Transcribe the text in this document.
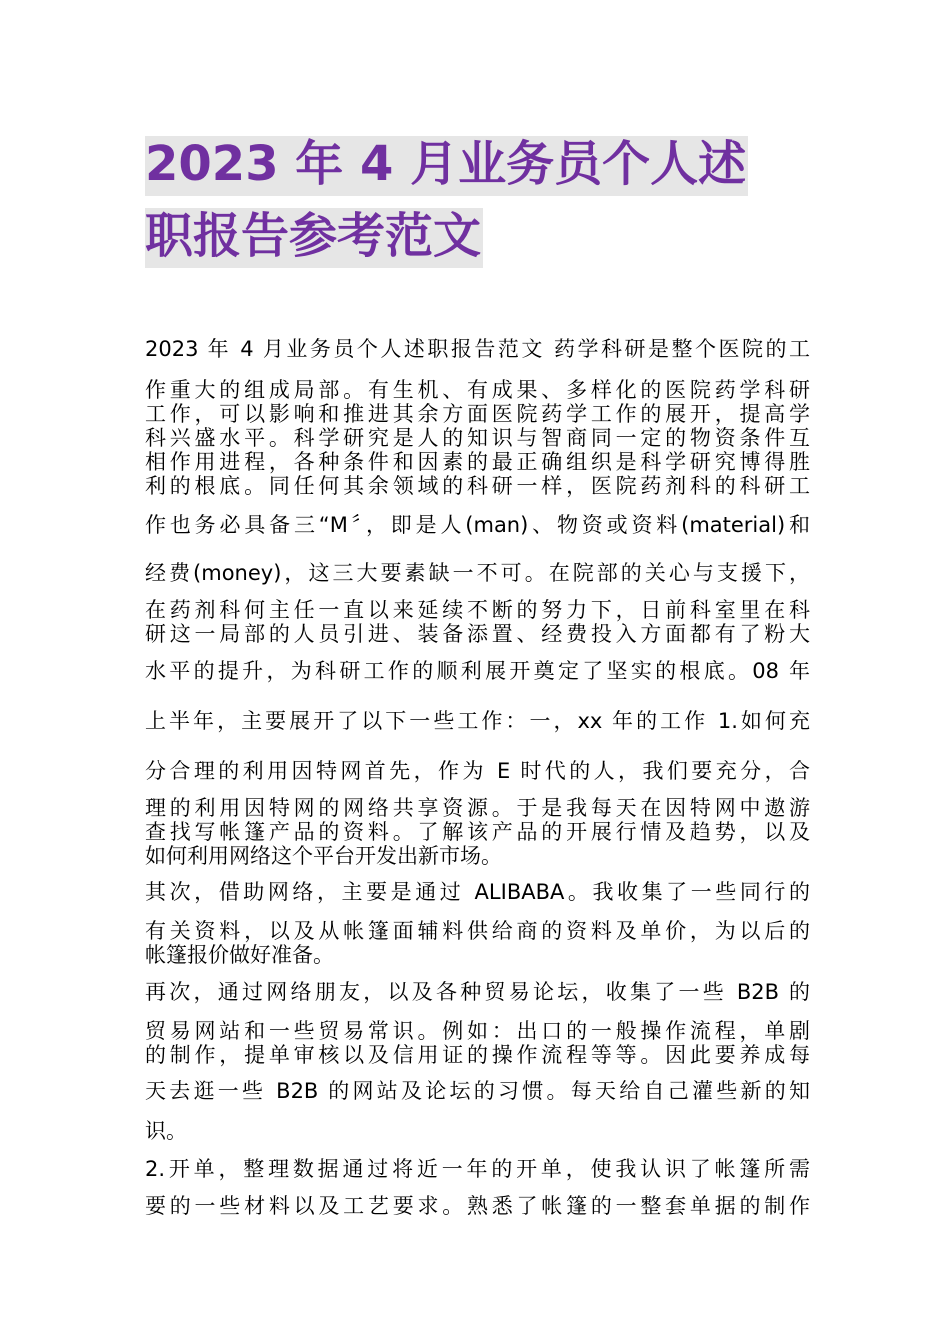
2023 年 4 月业务员个人述
职报告参考范文
2023 年 4 月业务员个人述职报告范文 药学科研是整个医院的工
作重大的组成局部。有生机、有成果、多样化的医院药学科研
工作，可以影响和推进其余方面医院药学工作的展开，提高学
科兴盛水平。科学研究是人的知识与智商同一定的物资条件互
相作用进程，各种条件和因素的最正确组织是科学研究博得胜
利的根底。同任何其余领域的科研一样，医院药剂科的科研工
作也务必具备三“M〞，即是人(man)、物资或资料(material)和
经费(money)，这三大要素缺一不可。在院部的关心与支援下，
在药剂科何主任一直以来延续不断的努力下，日前科室里在科
研这一局部的人员引进、装备添置、经费投入方面都有了粉大
水平的提升，为科研工作的顺利展开奠定了坚实的根底。08 年
上半年，主要展开了以下一些工作：一，xx 年的工作 1.如何充
分合理的利用因特网首先，作为 E 时代的人，我们要充分，合
理的利用因特网的网络共享资源。于是我每天在因特网中遨游
查找写帐篷产品的资料。了解该产品的开展行情及趋势，以及
如何利用网络这个平台开发出新市场。
其次，借助网络，主要是通过 ALIBABA。我收集了一些同行的
有关资料，以及从帐篷面辅料供给商的资料及单价，为以后的
帐篷报价做好准备。
再次，通过网络朋友，以及各种贸易论坛，收集了一些 B2B 的
贸易网站和一些贸易常识。例如：出口的一般操作流程，单剧
的制作，提单审核以及信用证的操作流程等等。因此要养成每
天去逛一些 B2B 的网站及论坛的习惯。每天给自己灌些新的知
识。
2.开单，整理数据通过将近一年的开单，使我认识了帐篷所需
要的一些材料以及工艺要求。熟悉了帐篷的一整套单据的制作
